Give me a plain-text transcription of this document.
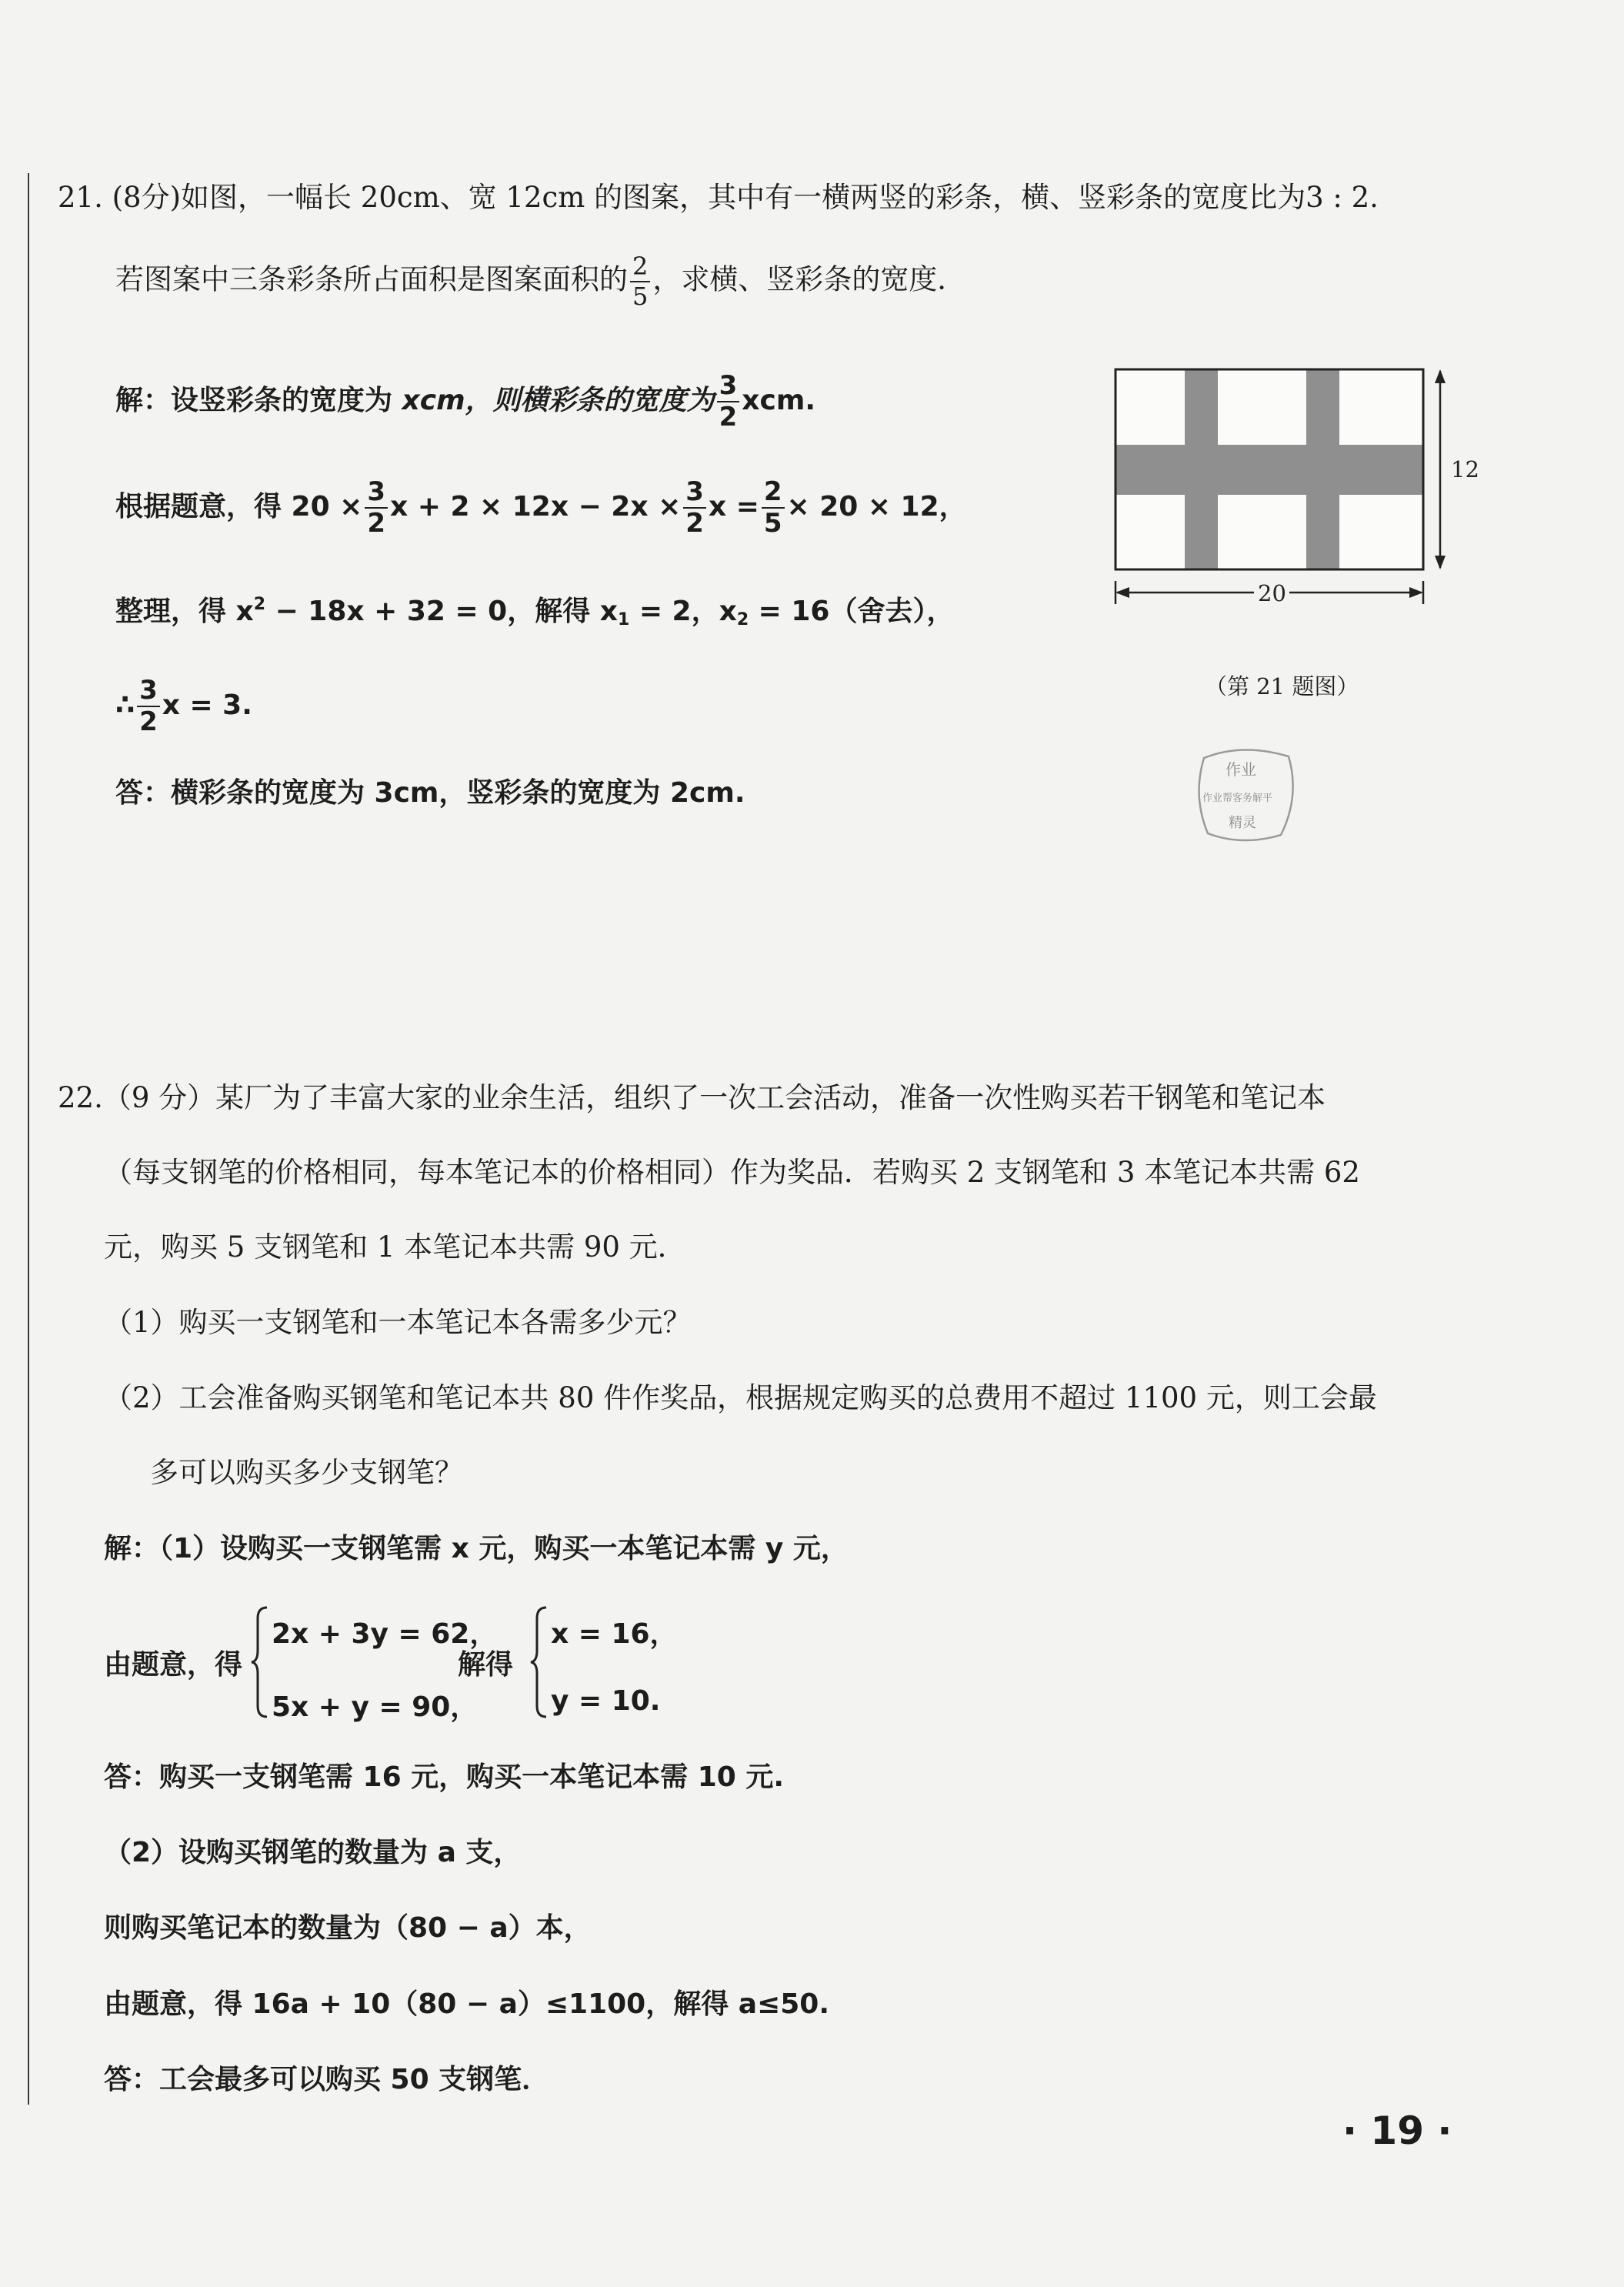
21. (8分)如图，一幅长 20cm、宽 12cm 的图案，其中有一横两竖的彩条，横、竖彩条的宽度比为3 : 2.
若图案中三条彩条所占面积是图案面积的 $\frac{2}{5}$ ，求横、竖彩条的宽度．
解：设竖彩条的宽度为 xcm，则横彩条的宽度为 $\frac{3}{2}$ xcm.
根据题意，得 $20 \times \frac{3}{2}$ $x + 2 \times 12x - 2x \times \frac{3}{2}$ $x = \frac{2}{5} \times 20 \times 12$，
整理，得 $x^2 - 18x + 32 = 0$，解得 $x_1 = 2$，$x_2 = 16$（舍去），
∴ $\frac{3}{2}$ x = 3.
答：横彩条的宽度为 3cm，竖彩条的宽度为 2cm.
12
20
（第 21 题图）
作业
作业帮客务解平
精灵
22.（9 分）某厂为了丰富大家的业余生活，组织了一次工会活动，准备一次性购买若干钢笔和笔记本
（每支钢笔的价格相同，每本笔记本的价格相同）作为奖品．若购买 2 支钢笔和 3 本笔记本共需 62
元，购买 5 支钢笔和 1 本笔记本共需 90 元．
（1）购买一支钢笔和一本笔记本各需多少元？
（2）工会准备购买钢笔和笔记本共 80 件作奖品，根据规定购买的总费用不超过 1100 元，则工会最
多可以购买多少支钢笔？
解：（1）设购买一支钢笔需 x 元，购买一本笔记本需 y 元，
由题意，得
2x + 3y = 62，
5x + y = 90，
解得
x = 16，
y = 10.
答：购买一支钢笔需 16 元，购买一本笔记本需 10 元.
（2）设购买钢笔的数量为 a 支，
则购买笔记本的数量为（80 − a）本，
由题意，得 16a + 10（80 − a）≤1100，解得 a≤50.
答：工会最多可以购买 50 支钢笔．
· 19 ·
